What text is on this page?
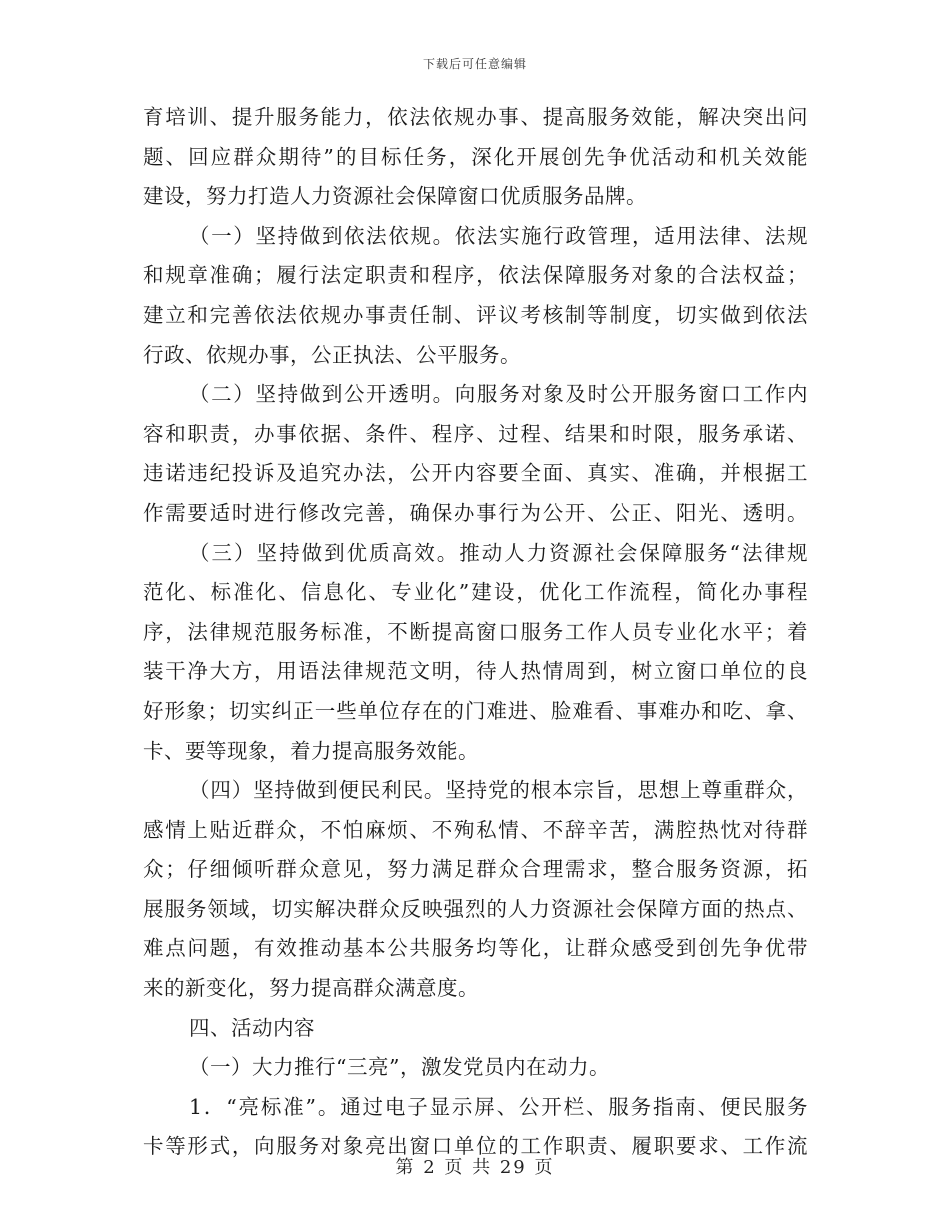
下载后可任意编辑
育培训、提升服务能力，依法依规办事、提高服务效能，解决突出问
题、回应群众期待”的目标任务，深化开展创先争优活动和机关效能
建设，努力打造人力资源社会保障窗口优质服务品牌。
（一）坚持做到依法依规。依法实施行政管理，适用法律、法规
和规章准确；履行法定职责和程序，依法保障服务对象的合法权益；
建立和完善依法依规办事责任制、评议考核制等制度，切实做到依法
行政、依规办事，公正执法、公平服务。
（二）坚持做到公开透明。向服务对象及时公开服务窗口工作内
容和职责，办事依据、条件、程序、过程、结果和时限，服务承诺、
违诺违纪投诉及追究办法，公开内容要全面、真实、准确，并根据工
作需要适时进行修改完善，确保办事行为公开、公正、阳光、透明。
（三）坚持做到优质高效。推动人力资源社会保障服务“法律规
范化、标准化、信息化、专业化”建设，优化工作流程，简化办事程
序，法律规范服务标准，不断提高窗口服务工作人员专业化水平；着
装干净大方，用语法律规范文明，待人热情周到，树立窗口单位的良
好形象；切实纠正一些单位存在的门难进、脸难看、事难办和吃、拿、
卡、要等现象，着力提高服务效能。
（四）坚持做到便民利民。坚持党的根本宗旨，思想上尊重群众，
感情上贴近群众，不怕麻烦、不殉私情、不辞辛苦，满腔热忱对待群
众；仔细倾听群众意见，努力满足群众合理需求，整合服务资源，拓
展服务领域，切实解决群众反映强烈的人力资源社会保障方面的热点、
难点问题，有效推动基本公共服务均等化，让群众感受到创先争优带
来的新变化，努力提高群众满意度。
四、活动内容
（一）大力推行“三亮”，激发党员内在动力。
1．“亮标准”。通过电子显示屏、公开栏、服务指南、便民服务
卡等形式，向服务对象亮出窗口单位的工作职责、履职要求、工作流
第 2 页 共 29 页
